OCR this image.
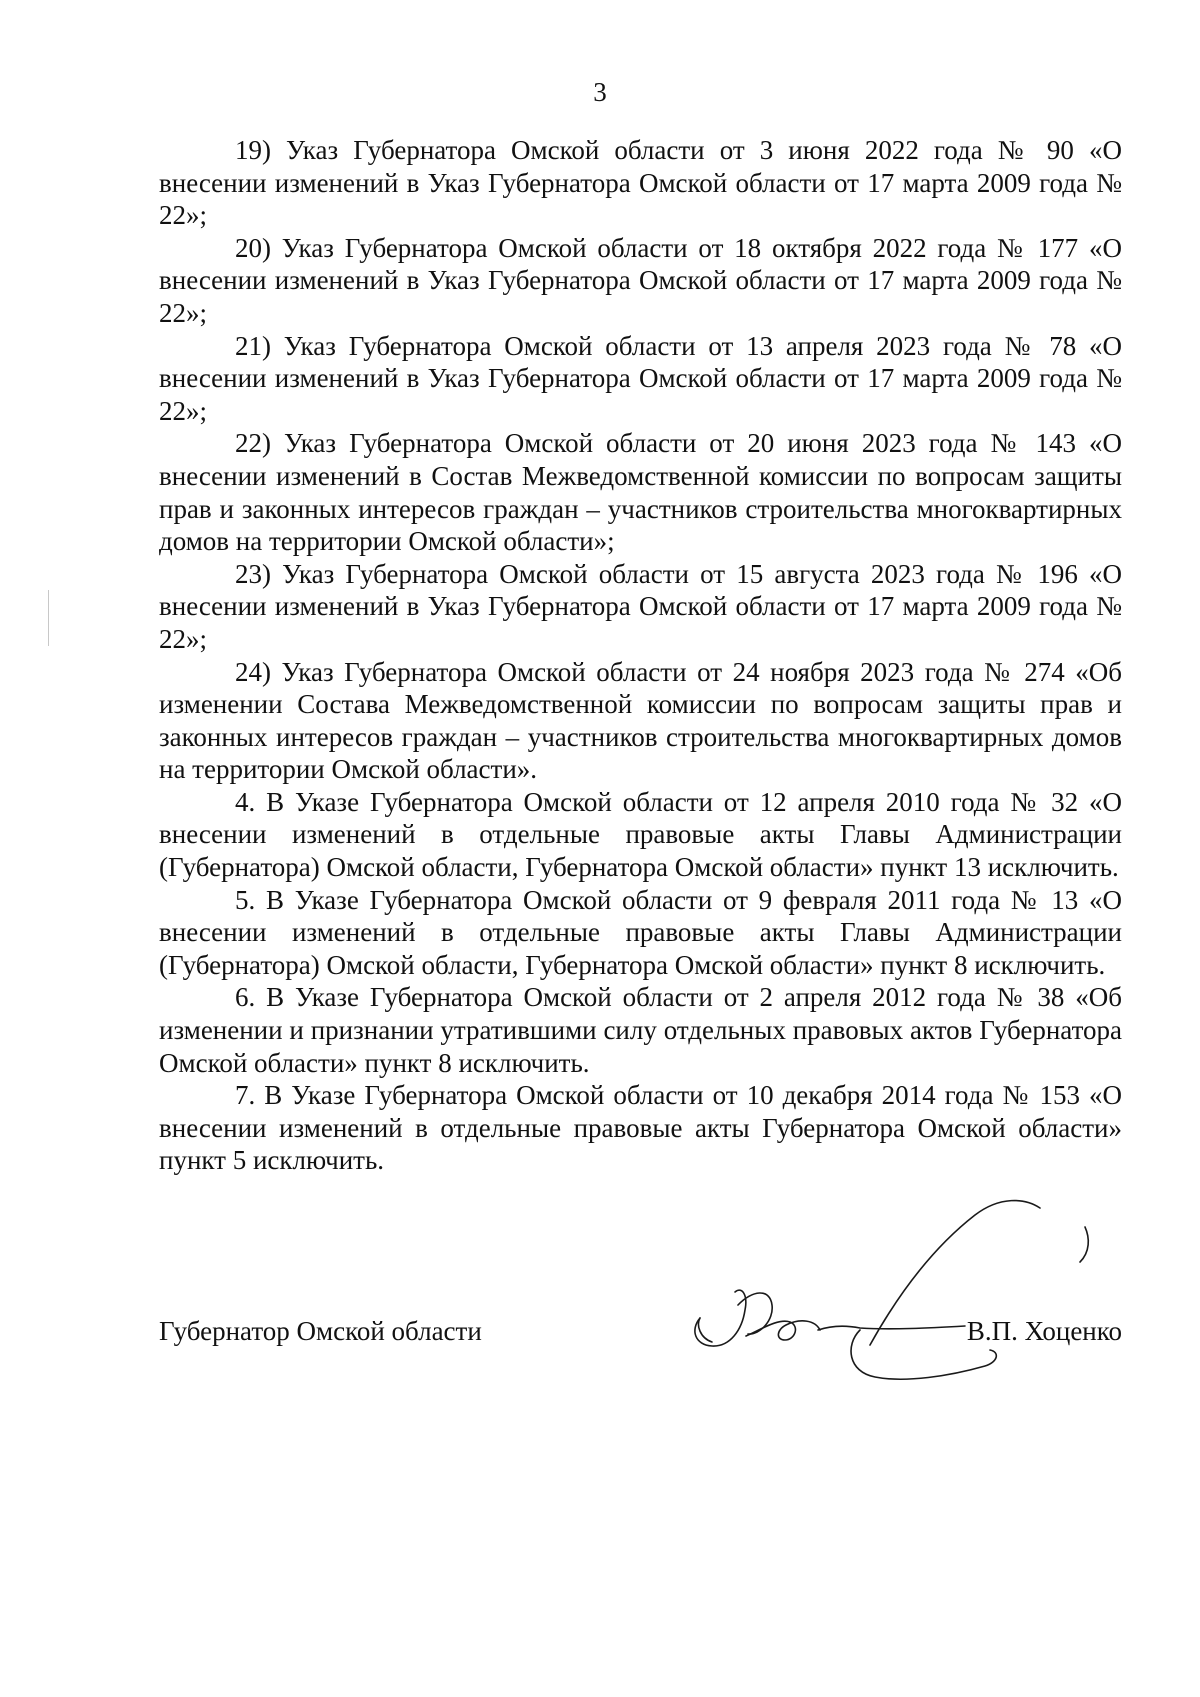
3

19) Указ Губернатора Омской области от 3 июня 2022 года № 90 «О внесении изменений в Указ Губернатора Омской области от 17 марта 2009 года № 22»;

20) Указ Губернатора Омской области от 18 октября 2022 года № 177 «О внесении изменений в Указ Губернатора Омской области от 17 марта 2009 года № 22»;

21) Указ Губернатора Омской области от 13 апреля 2023 года № 78 «О внесении изменений в Указ Губернатора Омской области от 17 марта 2009 года № 22»;

22) Указ Губернатора Омской области от 20 июня 2023 года № 143 «О внесении изменений в Состав Межведомственной комиссии по вопросам защиты прав и законных интересов граждан – участников строительства многоквартирных домов на территории Омской области»;

23) Указ Губернатора Омской области от 15 августа 2023 года № 196 «О внесении изменений в Указ Губернатора Омской области от 17 марта 2009 года № 22»;

24) Указ Губернатора Омской области от 24 ноября 2023 года № 274 «Об изменении Состава Межведомственной комиссии по вопросам защиты прав и законных интересов граждан – участников строительства многоквартирных домов на территории Омской области».

4. В Указе Губернатора Омской области от 12 апреля 2010 года № 32 «О внесении изменений в отдельные правовые акты Главы Администрации (Губернатора) Омской области, Губернатора Омской области» пункт 13 исключить.

5. В Указе Губернатора Омской области от 9 февраля 2011 года № 13 «О внесении изменений в отдельные правовые акты Главы Администрации (Губернатора) Омской области, Губернатора Омской области» пункт 8 исключить.

6. В Указе Губернатора Омской области от 2 апреля 2012 года № 38 «Об изменении и признании утратившими силу отдельных правовых актов Губернатора Омской области» пункт 8 исключить.

7. В Указе Губернатора Омской области от 10 декабря 2014 года № 153 «О внесении изменений в отдельные правовые акты Губернатора Омской области» пункт 5 исключить.

Губернатор Омской области	В.П. Хоценко
